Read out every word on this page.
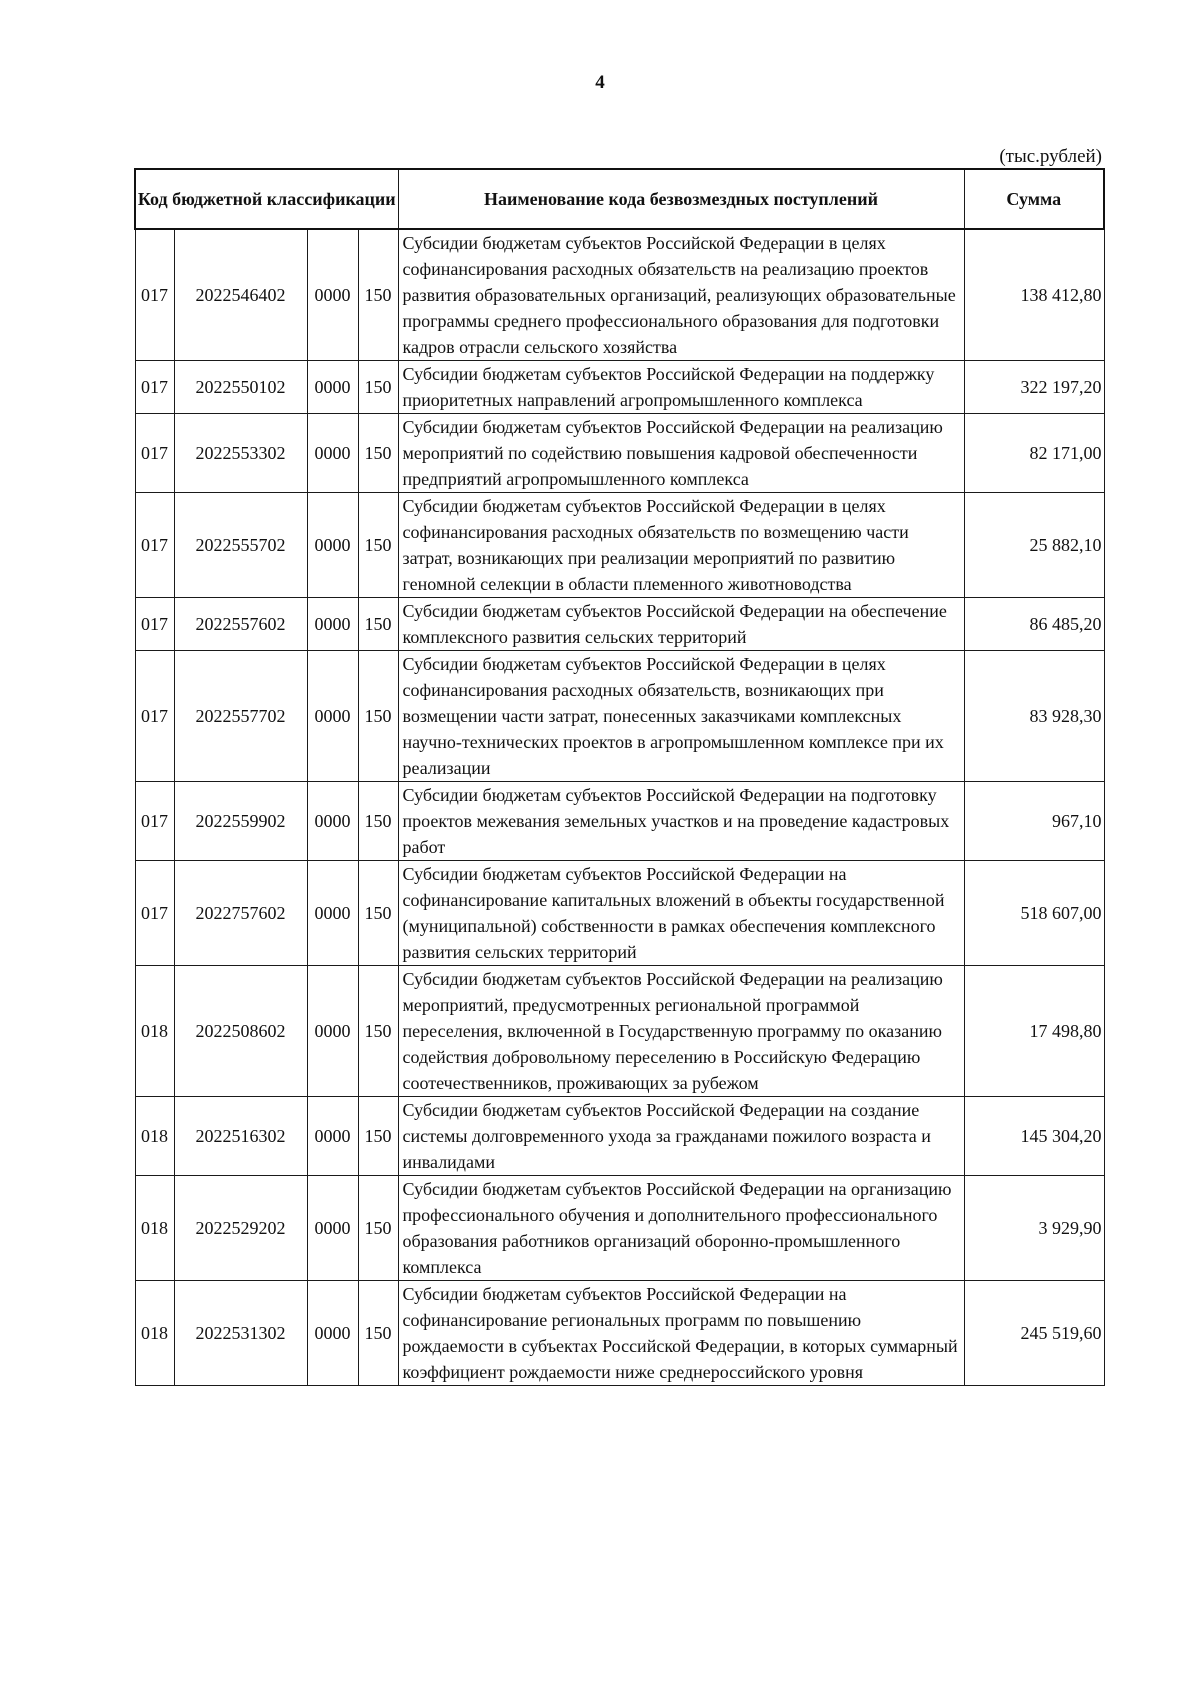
4
(тыс.рублей)
Код бюджетной классификации				Наименование кода безвозмездных поступлений	Сумма
017	2022546402	0000	150	Субсидии бюджетам субъектов Российской Федерации в целях софинансирования расходных обязательств на реализацию проектов развития образовательных организаций, реализующих образовательные программы среднего профессионального образования для подготовки кадров отрасли сельского хозяйства	138 412,80
017	2022550102	0000	150	Субсидии бюджетам субъектов Российской Федерации на поддержку приоритетных направлений агропромышленного комплекса	322 197,20
017	2022553302	0000	150	Субсидии бюджетам субъектов Российской Федерации на реализацию мероприятий по содействию повышения кадровой обеспеченности предприятий агропромышленного комплекса	82 171,00
017	2022555702	0000	150	Субсидии бюджетам субъектов Российской Федерации в целях софинансирования расходных обязательств по возмещению части затрат, возникающих при реализации мероприятий по развитию геномной селекции в области племенного животноводства	25 882,10
017	2022557602	0000	150	Субсидии бюджетам субъектов Российской Федерации на обеспечение комплексного развития сельских территорий	86 485,20
017	2022557702	0000	150	Субсидии бюджетам субъектов Российской Федерации в целях софинансирования расходных обязательств, возникающих при возмещении части затрат, понесенных заказчиками комплексных научно-технических проектов в агропромышленном комплексе при их реализации	83 928,30
017	2022559902	0000	150	Субсидии бюджетам субъектов Российской Федерации на подготовку проектов межевания земельных участков и на проведение кадастровых работ	967,10
017	2022757602	0000	150	Субсидии бюджетам субъектов Российской Федерации на софинансирование капитальных вложений в объекты государственной (муниципальной) собственности в рамках обеспечения комплексного развития сельских территорий	518 607,00
018	2022508602	0000	150	Субсидии бюджетам субъектов Российской Федерации на реализацию мероприятий, предусмотренных региональной программой переселения, включенной в Государственную программу по оказанию содействия добровольному переселению в Российскую Федерацию соотечественников, проживающих за рубежом	17 498,80
018	2022516302	0000	150	Субсидии бюджетам субъектов Российской Федерации на создание системы долговременного ухода за гражданами пожилого возраста и инвалидами	145 304,20
018	2022529202	0000	150	Субсидии бюджетам субъектов Российской Федерации на организацию профессионального обучения и дополнительного профессионального образования работников организаций оборонно-промышленного комплекса	3 929,90
018	2022531302	0000	150	Субсидии бюджетам субъектов Российской Федерации на софинансирование региональных программ по повышению рождаемости в субъектах Российской Федерации, в которых суммарный коэффициент рождаемости ниже среднероссийского уровня	245 519,60
